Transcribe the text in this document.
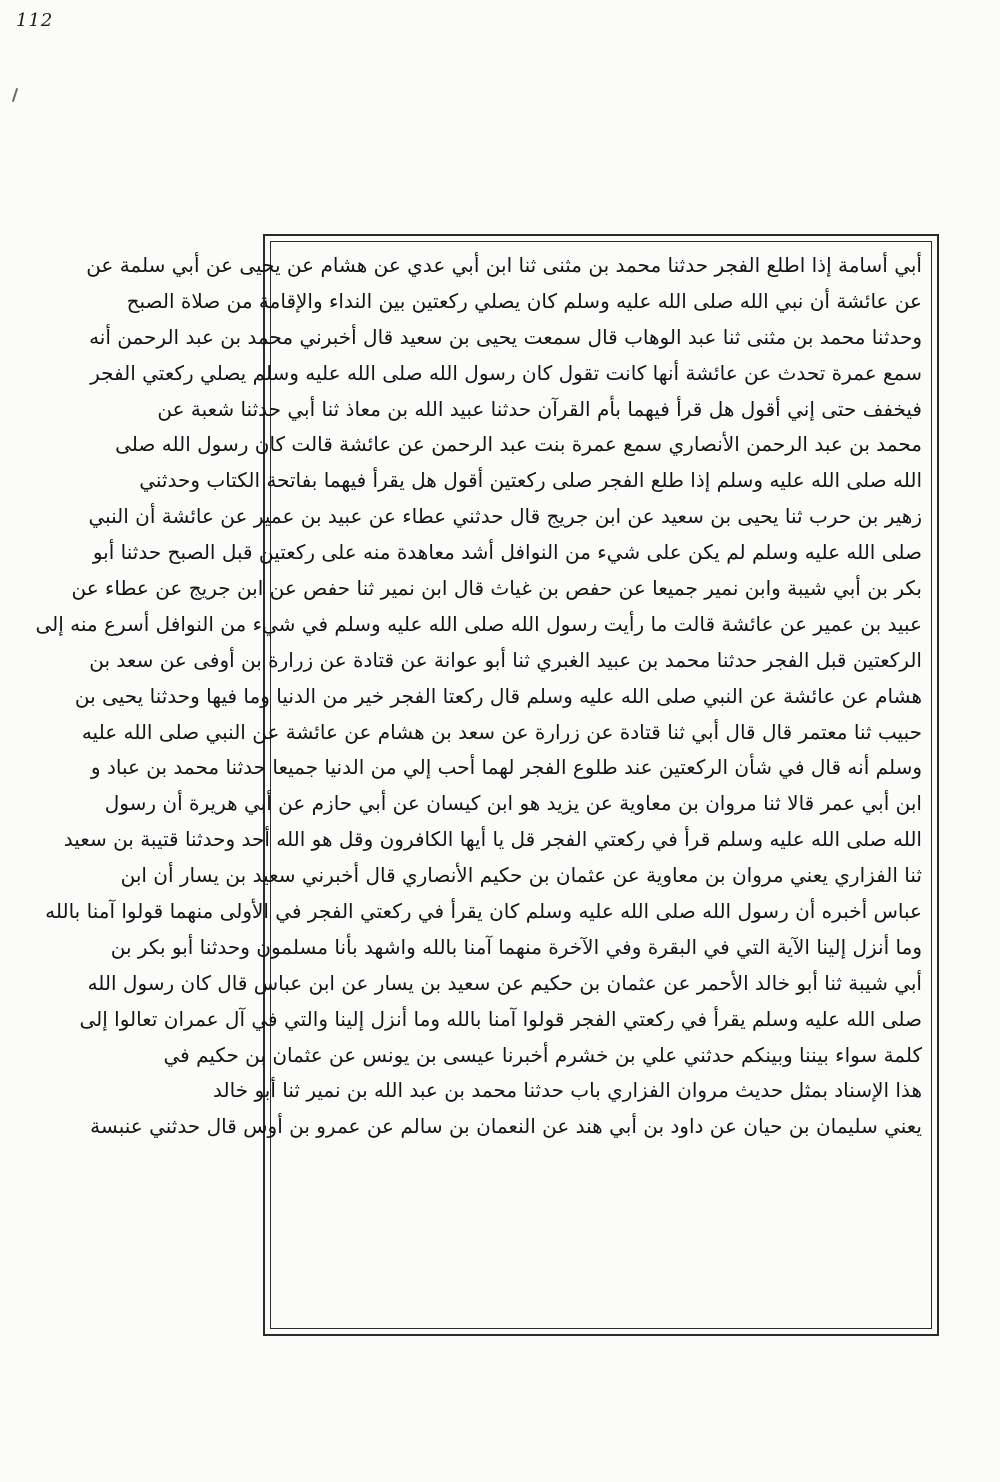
112
أبي أسامة إذا اطلع الفجر حدثنا محمد بن مثنى ثنا ابن أبي عدي عن هشام عن يحيى عن أبي سلمة عن
عن عائشة أن نبي الله صلى الله عليه وسلم كان يصلي ركعتين بين النداء والإقامة من صلاة الصبح
وحدثنا محمد بن مثنى ثنا عبد الوهاب قال سمعت يحيى بن سعيد قال أخبرني محمد بن عبد الرحمن أنه
سمع عمرة تحدث عن عائشة أنها كانت تقول كان رسول الله صلى الله عليه وسلم يصلي ركعتي الفجر
فيخفف حتى إني أقول هل قرأ فيهما بأم القرآن حدثنا عبيد الله بن معاذ ثنا أبي حدثنا شعبة عن
محمد بن عبد الرحمن الأنصاري سمع عمرة بنت عبد الرحمن عن عائشة قالت كان رسول الله صلى
الله صلى الله عليه وسلم إذا طلع الفجر صلى ركعتين أقول هل يقرأ فيهما بفاتحة الكتاب وحدثني
زهير بن حرب ثنا يحيى بن سعيد عن ابن جريج قال حدثني عطاء عن عبيد بن عمير عن عائشة أن النبي
صلى الله عليه وسلم لم يكن على شيء من النوافل أشد معاهدة منه على ركعتين قبل الصبح حدثنا أبو
بكر بن أبي شيبة وابن نمير جميعا عن حفص بن غياث قال ابن نمير ثنا حفص عن ابن جريج عن عطاء عن
عبيد بن عمير عن عائشة قالت ما رأيت رسول الله صلى الله عليه وسلم في شيء من النوافل أسرع منه إلى
الركعتين قبل الفجر حدثنا محمد بن عبيد الغبري ثنا أبو عوانة عن قتادة عن زرارة بن أوفى عن سعد بن
هشام عن عائشة عن النبي صلى الله عليه وسلم قال ركعتا الفجر خير من الدنيا وما فيها وحدثنا يحيى بن
حبيب ثنا معتمر قال قال أبي ثنا قتادة عن زرارة عن سعد بن هشام عن عائشة عن النبي صلى الله عليه
وسلم أنه قال في شأن الركعتين عند طلوع الفجر لهما أحب إلي من الدنيا جميعا حدثنا محمد بن عباد و
ابن أبي عمر قالا ثنا مروان بن معاوية عن يزيد هو ابن كيسان عن أبي حازم عن أبي هريرة أن رسول
الله صلى الله عليه وسلم قرأ في ركعتي الفجر قل يا أيها الكافرون وقل هو الله أحد وحدثنا قتيبة بن سعيد
ثنا الفزاري يعني مروان بن معاوية عن عثمان بن حكيم الأنصاري قال أخبرني سعيد بن يسار أن ابن
عباس أخبره أن رسول الله صلى الله عليه وسلم كان يقرأ في ركعتي الفجر في الأولى منهما قولوا آمنا بالله
وما أنزل إلينا الآية التي في البقرة وفي الآخرة منهما آمنا بالله واشهد بأنا مسلمون وحدثنا أبو بكر بن
أبي شيبة ثنا أبو خالد الأحمر عن عثمان بن حكيم عن سعيد بن يسار عن ابن عباس قال كان رسول الله
صلى الله عليه وسلم يقرأ في ركعتي الفجر قولوا آمنا بالله وما أنزل إلينا والتي في آل عمران تعالوا إلى
كلمة سواء بيننا وبينكم حدثني علي بن خشرم أخبرنا عيسى بن يونس عن عثمان بن حكيم في
هذا الإسناد بمثل حديث مروان الفزاري باب حدثنا محمد بن عبد الله بن نمير ثنا أبو خالد
يعني سليمان بن حيان عن داود بن أبي هند عن النعمان بن سالم عن عمرو بن أوس قال حدثني عنبسة
